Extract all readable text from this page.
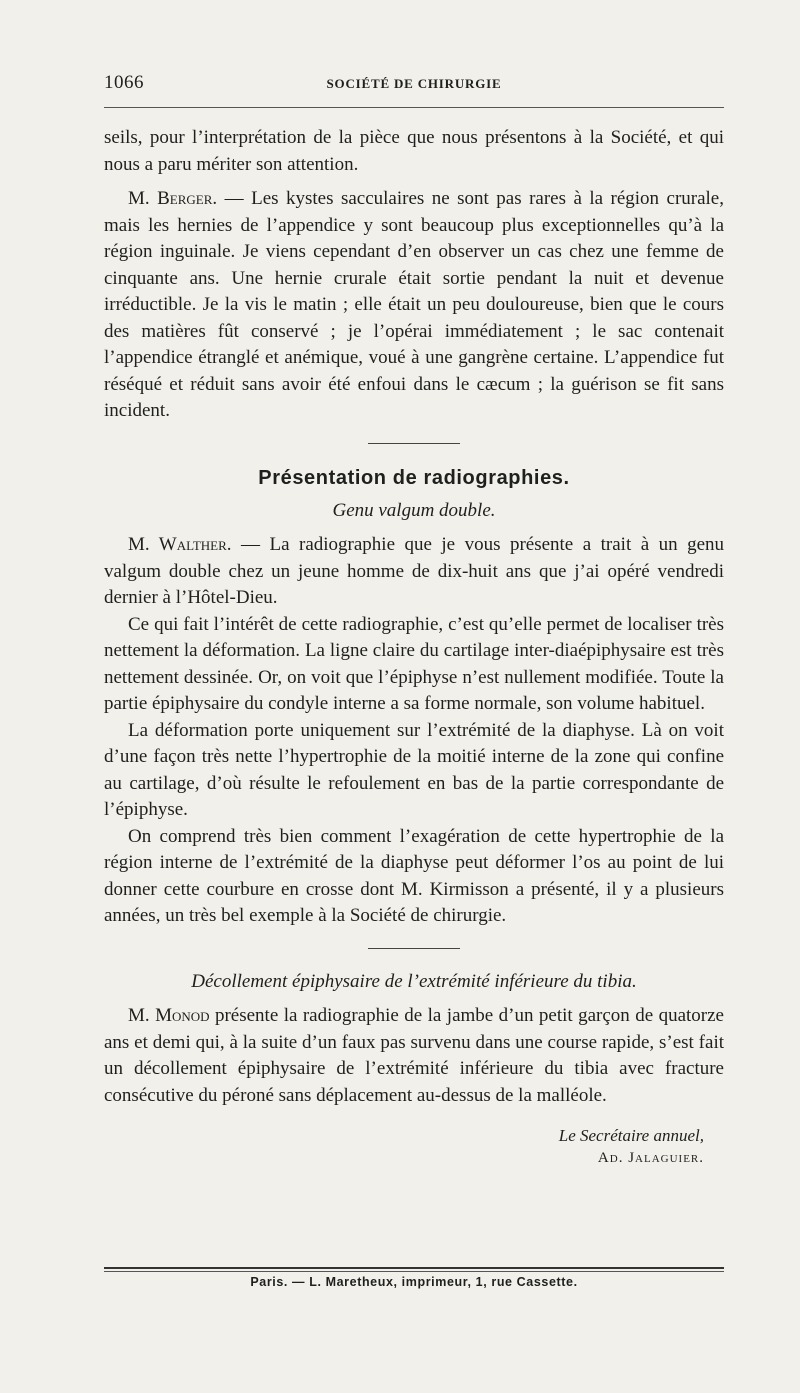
1066	SOCIÉTÉ DE CHIRURGIE

seils, pour l’interprétation de la pièce que nous présentons à la Société, et qui nous a paru mériter son attention.

M. Berger. — Les kystes sacculaires ne sont pas rares à la région crurale, mais les hernies de l’appendice y sont beaucoup plus exceptionnelles qu’à la région inguinale. Je viens cependant d’en observer un cas chez une femme de cinquante ans. Une hernie crurale était sortie pendant la nuit et devenue irréductible. Je la vis le matin ; elle était un peu douloureuse, bien que le cours des matières fût conservé ; je l’opérai immédiatement ; le sac contenait l’appendice étranglé et anémique, voué à une gangrène certaine. L’appendice fut réséqué et réduit sans avoir été enfoui dans le cæcum ; la guérison se fit sans incident.

Présentation de radiographies.
Genu valgum double.

M. Walther. — La radiographie que je vous présente a trait à un genu valgum double chez un jeune homme de dix-huit ans que j’ai opéré vendredi dernier à l’Hôtel-Dieu.

Ce qui fait l’intérêt de cette radiographie, c’est qu’elle permet de localiser très nettement la déformation. La ligne claire du cartilage inter-diaépiphysaire est très nettement dessinée. Or, on voit que l’épiphyse n’est nullement modifiée. Toute la partie épiphysaire du condyle interne a sa forme normale, son volume habituel.

La déformation porte uniquement sur l’extrémité de la diaphyse. Là on voit d’une façon très nette l’hypertrophie de la moitié interne de la zone qui confine au cartilage, d’où résulte le refoulement en bas de la partie correspondante de l’épiphyse.

On comprend très bien comment l’exagération de cette hypertrophie de la région interne de l’extrémité de la diaphyse peut déformer l’os au point de lui donner cette courbure en crosse dont M. Kirmisson a présenté, il y a plusieurs années, un très bel exemple à la Société de chirurgie.

Décollement épiphysaire de l’extrémité inférieure du tibia.

M. Monod présente la radiographie de la jambe d’un petit garçon de quatorze ans et demi qui, à la suite d’un faux pas survenu dans une course rapide, s’est fait un décollement épiphysaire de l’extrémité inférieure du tibia avec fracture consécutive du péroné sans déplacement au-dessus de la malléole.

Le Secrétaire annuel,
Ad. Jalaguier.
Paris. — L. Maretheux, imprimeur, 1, rue Cassette.
